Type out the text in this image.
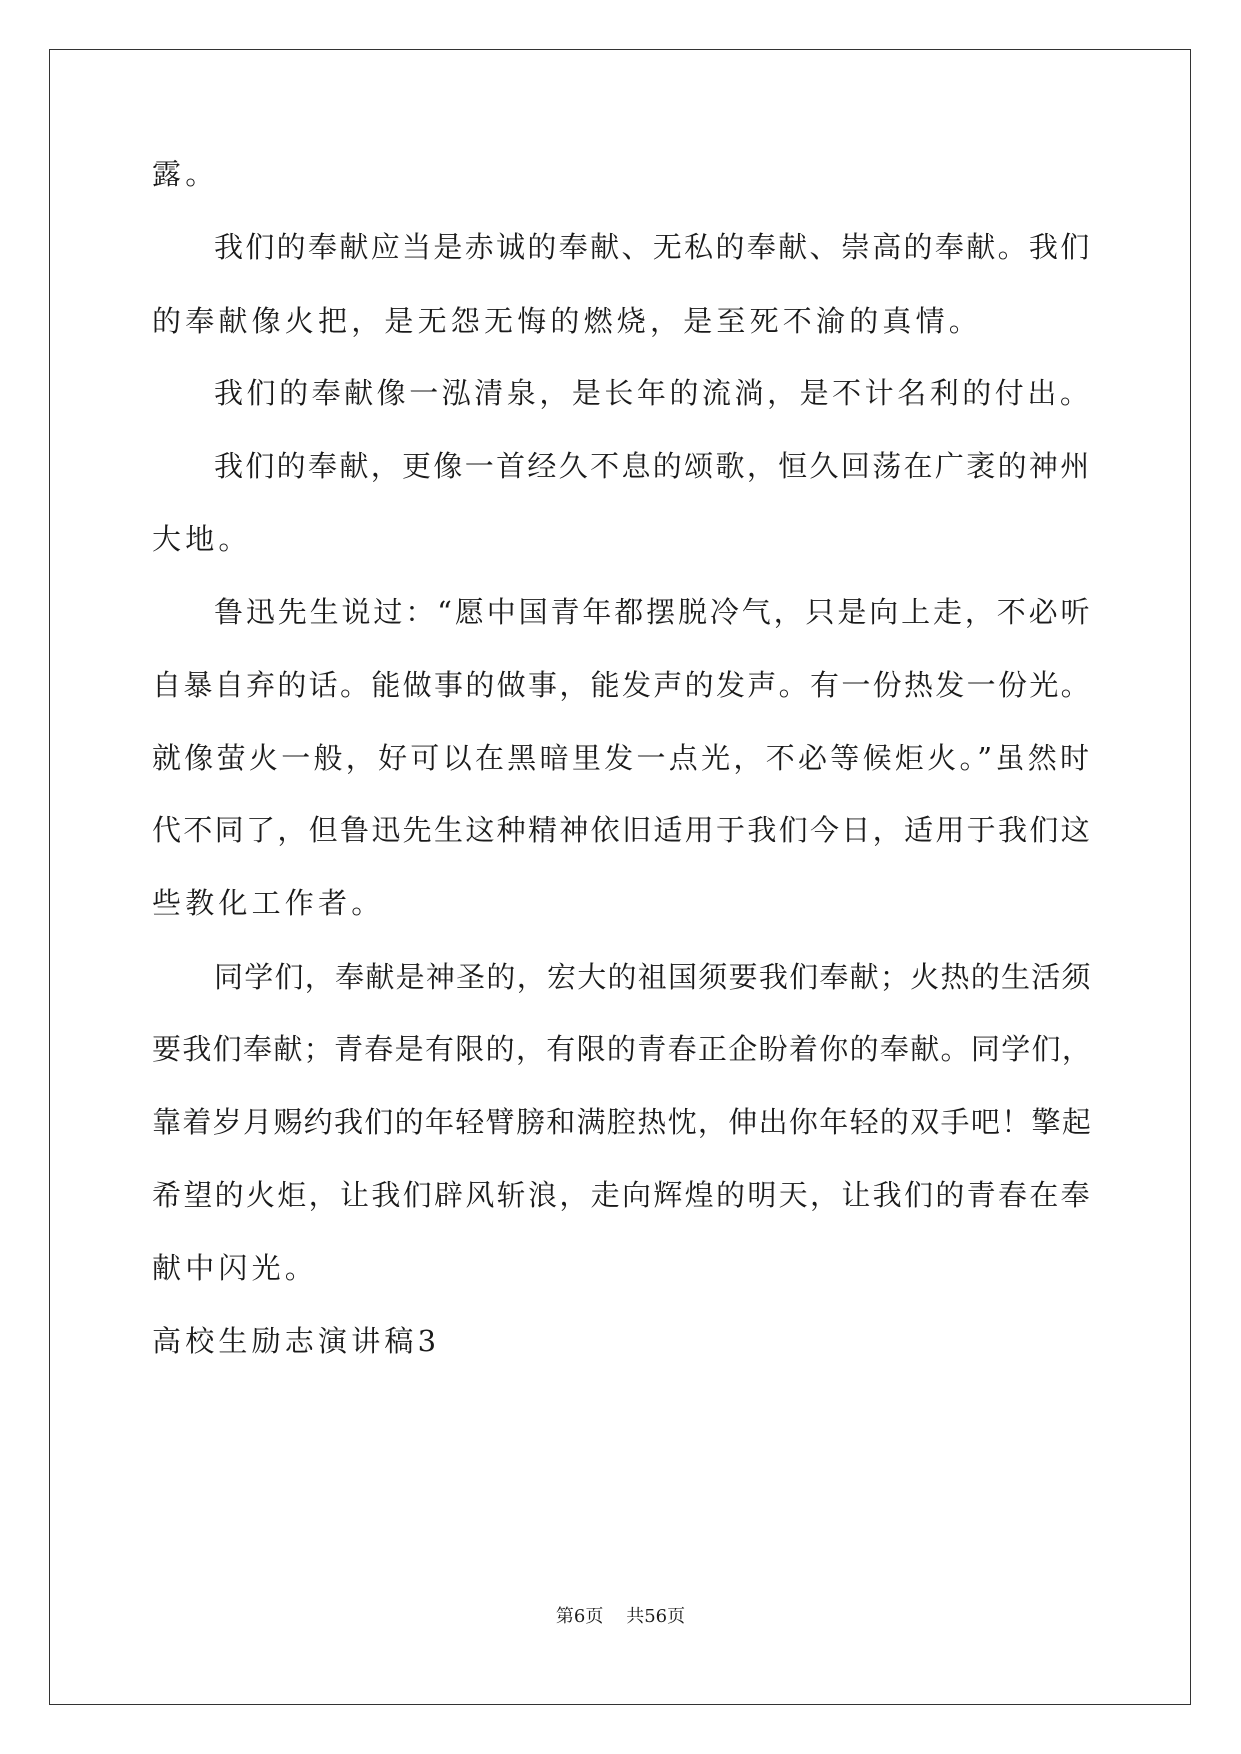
露。
我们的奉献应当是赤诚的奉献、无私的奉献、崇高的奉献。我们
的奉献像火把，是无怨无悔的燃烧，是至死不渝的真情。
我们的奉献像一泓清泉，是长年的流淌，是不计名利的付出。
我们的奉献，更像一首经久不息的颂歌，恒久回荡在广袤的神州
大地。
鲁迅先生说过：“愿中国青年都摆脱冷气，只是向上走，不必听
自暴自弃的话。能做事的做事，能发声的发声。有一份热发一份光。
就像萤火一般，好可以在黑暗里发一点光，不必等候炬火。”虽然时
代不同了，但鲁迅先生这种精神依旧适用于我们今日，适用于我们这
些教化工作者。
同学们，奉献是神圣的，宏大的祖国须要我们奉献；火热的生活须
要我们奉献；青春是有限的，有限的青春正企盼着你的奉献。同学们，
靠着岁月赐约我们的年轻臂膀和满腔热忱，伸出你年轻的双手吧！擎起
希望的火炬，让我们辟风斩浪，走向辉煌的明天，让我们的青春在奉
献中闪光。
高校生励志演讲稿3
第6页    共56页
